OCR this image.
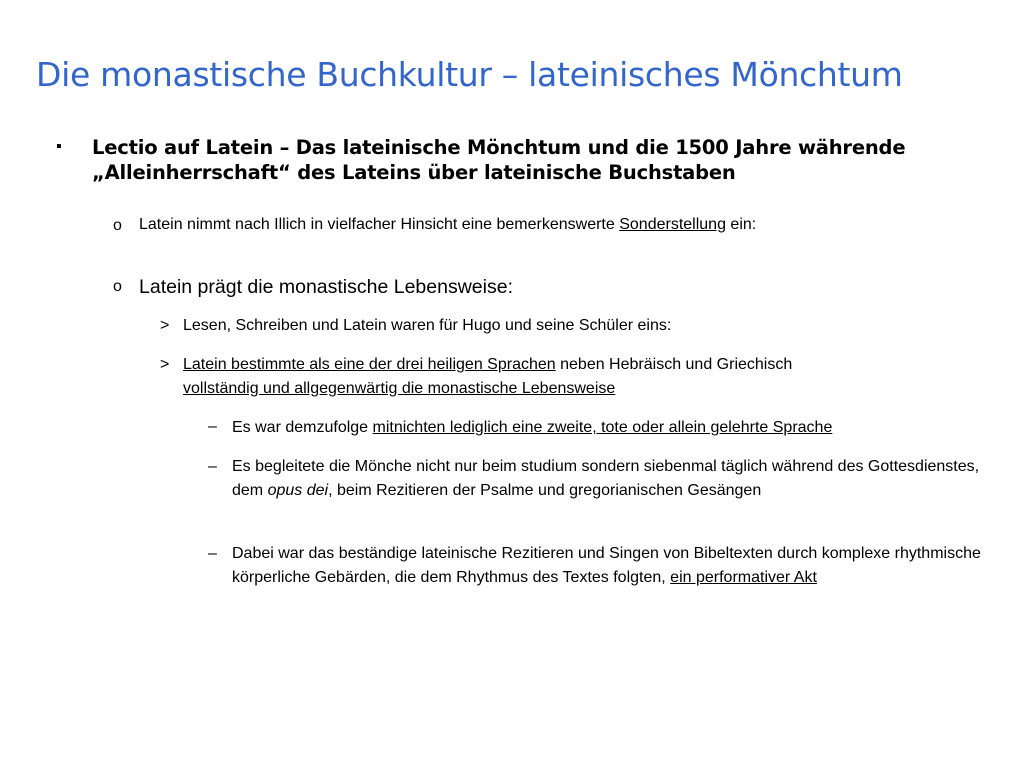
Die monastische Buchkultur – lateinisches Mönchtum
▪ Lectio auf Latein – Das lateinische Mönchtum und die 1500 Jahre währende „Alleinherrschaft“ des Lateins über lateinische Buchstaben
o Latein nimmt nach Illich in vielfacher Hinsicht eine bemerkenswerte Sonderstellung ein:
o Latein prägt die monastische Lebensweise:
> Lesen, Schreiben und Latein waren für Hugo und seine Schüler eins:
> Latein bestimmte als eine der drei heiligen Sprachen neben Hebräisch und Griechisch
vollständig und allgegenwärtig die monastische Lebensweise
– Es war demzufolge mitnichten lediglich eine zweite, tote oder allein gelehrte Sprache
– Es begleitete die Mönche nicht nur beim studium sondern siebenmal täglich während des Gottesdienstes, dem opus dei, beim Rezitieren der Psalme und gregorianischen Gesängen
– Dabei war das beständige lateinische Rezitieren und Singen von Bibeltexten durch komplexe rhythmische körperliche Gebärden, die dem Rhythmus des Textes folgten, ein performativer Akt
